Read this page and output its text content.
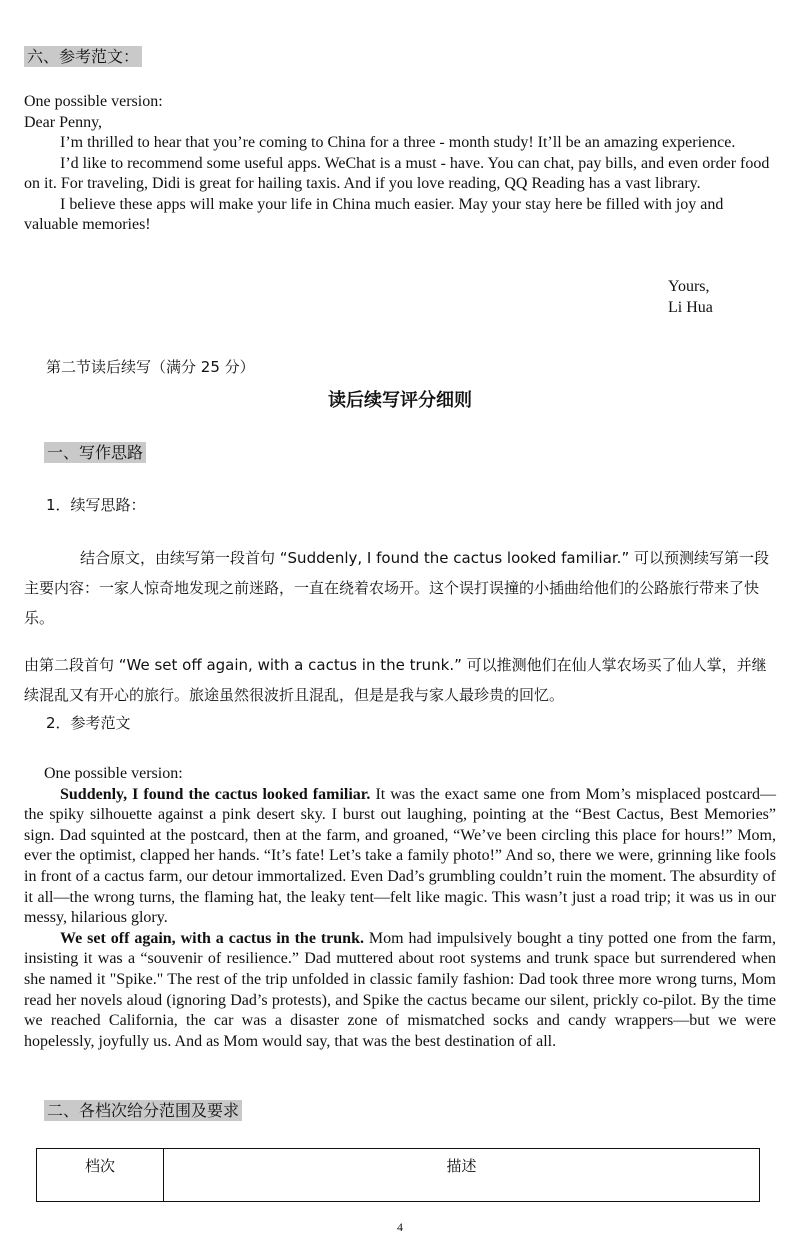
六、参考范文：

One possible version:

Dear Penny,

I’m thrilled to hear that you’re coming to China for a three - month study! It’ll be an amazing experience.

I’d like to recommend some useful apps. WeChat is a must - have. You can chat, pay bills, and even order food on it. For traveling, Didi is great for hailing taxis. And if you love reading, QQ Reading has a vast library.

I believe these apps will make your life in China much easier. May your stay here be filled with joy and valuable memories!

Yours,
Li Hua
第二节读后续写（满分 25 分）
读后续写评分细则
一、写作思路
1．续写思路：

结合原文，由续写第一段首句 “Suddenly, I found the cactus looked familiar.” 可以预测续写第一段主要内容：一家人惊奇地发现之前迷路，一直在绕着农场开。这个误打误撞的小插曲给他们的公路旅行带来了快乐。

由第二段首句 “We set off again, with a cactus in the trunk.” 可以推测他们在仙人掌农场买了仙人掌，并继续混乱又有开心的旅行。旅途虽然很波折且混乱，但是是我与家人最珍贵的回忆。

2．参考范文

One possible version:

Suddenly, I found the cactus looked familiar. It was the exact same one from Mom’s misplaced postcard—the spiky silhouette against a pink desert sky. I burst out laughing, pointing at the “Best Cactus, Best Memories” sign. Dad squinted at the postcard, then at the farm, and groaned, “We’ve been circling this place for hours!” Mom, ever the optimist, clapped her hands. “It’s fate! Let’s take a family photo!” And so, there we were, grinning like fools in front of a cactus farm, our detour immortalized. Even Dad’s grumbling couldn’t ruin the moment. The absurdity of it all—the wrong turns, the flaming hat, the leaky tent—felt like magic. This wasn’t just a road trip; it was us in our messy, hilarious glory.

We set off again, with a cactus in the trunk. Mom had impulsively bought a tiny potted one from the farm, insisting it was a “souvenir of resilience.” Dad muttered about root systems and trunk space but surrendered when she named it "Spike." The rest of the trip unfolded in classic family fashion: Dad took three more wrong turns, Mom read her novels aloud (ignoring Dad’s protests), and Spike the cactus became our silent, prickly co-pilot. By the time we reached California, the car was a disaster zone of mismatched socks and candy wrappers—but we were hopelessly, joyfully us. And as Mom would say, that was the best destination of all.

二、各档次给分范围及要求
档次	描述
4
